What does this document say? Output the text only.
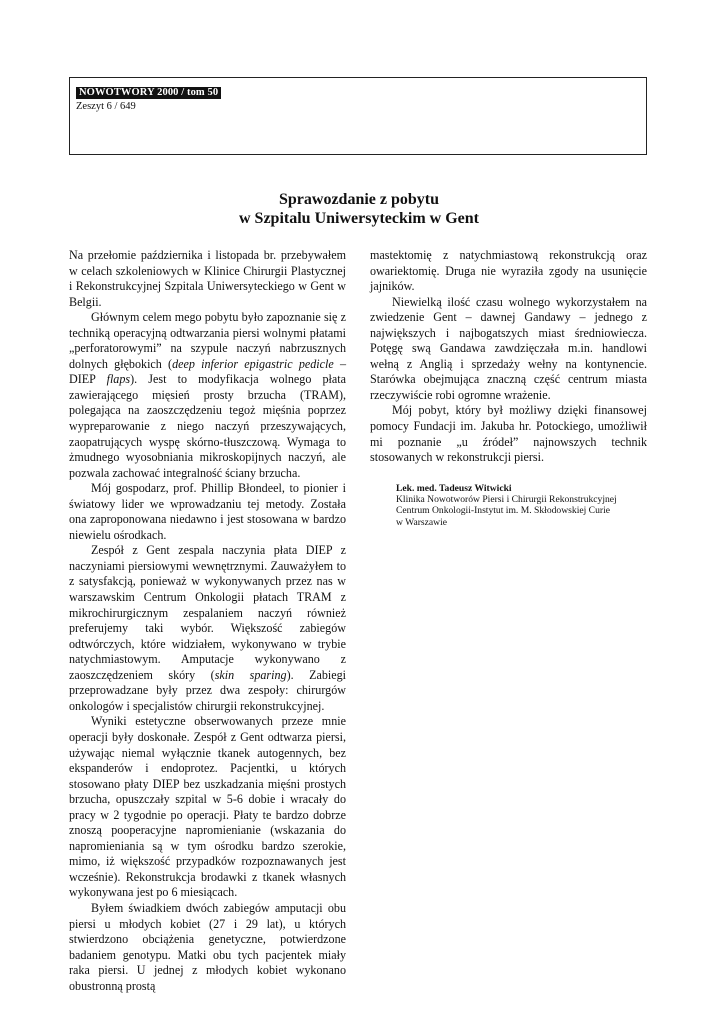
NOWOTWORY 2000 / tom 50
Zeszyt 6 / 649
Sprawozdanie z pobytu
w Szpitalu Uniwersyteckim w Gent

Na przełomie października i listopada br. przebywałem w celach szkoleniowych w Klinice Chirurgii Plastycznej i Rekonstrukcyjnej Szpitala Uniwersyteckiego w Gent w Belgii.

Głównym celem mego pobytu było zapoznanie się z techniką operacyjną odtwarzania piersi wolnymi płatami „perforatorowymi” na szypule naczyń nabrzusznych dolnych głębokich (deep inferior epigastric pedicle – DIEP flaps). Jest to modyfikacja wolnego płata zawierającego mięsień prosty brzucha (TRAM), polegająca na zaoszczędzeniu tegoż mięśnia poprzez wypreparowanie z niego naczyń przeszywających, zaopatrujących wyspę skórno-tłuszczową. Wymaga to żmudnego wyosobniania mikroskopijnych naczyń, ale pozwala zachować integralność ściany brzucha.

Mój gospodarz, prof. Phillip Błondeel, to pionier i światowy lider we wprowadzaniu tej metody. Została ona zaproponowana niedawno i jest stosowana w bardzo niewielu ośrodkach.

Zespół z Gent zespala naczynia płata DIEP z naczyniami piersiowymi wewnętrznymi. Zauważyłem to z satysfakcją, ponieważ w wykonywanych przez nas w warszawskim Centrum Onkologii płatach TRAM z mikrochirurgicznym zespalaniem naczyń również preferujemy taki wybór. Większość zabiegów odtwórczych, które widziałem, wykonywano w trybie natychmiastowym. Amputacje wykonywano z zaoszczędzeniem skóry (skin sparing). Zabiegi przeprowadzane były przez dwa zespoły: chirurgów onkologów i specjalistów chirurgii rekonstrukcyjnej.

Wyniki estetyczne obserwowanych przeze mnie operacji były doskonałe. Zespół z Gent odtwarza piersi, używając niemal wyłącznie tkanek autogennych, bez ekspanderów i endoprotez. Pacjentki, u których stosowano płaty DIEP bez uszkadzania mięśni prostych brzucha, opuszczały szpital w 5-6 dobie i wracały do pracy w 2 tygodnie po operacji. Płaty te bardzo dobrze znoszą pooperacyjne napromienianie (wskazania do napromieniania są w tym ośrodku bardzo szerokie, mimo, iż większość przypadków rozpoznawanych jest wcześnie). Rekonstrukcja brodawki z tkanek własnych wykonywana jest po 6 miesiącach.

Byłem świadkiem dwóch zabiegów amputacji obu piersi u młodych kobiet (27 i 29 lat), u których stwierdzono obciążenia genetyczne, potwierdzone badaniem genotypu. Matki obu tych pacjentek miały raka piersi. U jednej z młodych kobiet wykonano obustronną prostą

mastektomię z natychmiastową rekonstrukcją oraz owariektomię. Druga nie wyraziła zgody na usunięcie jajników.

Niewielką ilość czasu wolnego wykorzystałem na zwiedzenie Gent – dawnej Gandawy – jednego z największych i najbogatszych miast średniowiecza. Potęgę swą Gandawa zawdzięczała m.in. handlowi wełną z Anglią i sprzedaży wełny na kontynencie. Starówka obejmująca znaczną część centrum miasta rzeczywiście robi ogromne wrażenie.

Mój pobyt, który był możliwy dzięki finansowej pomocy Fundacji im. Jakuba hr. Potockiego, umożliwił mi poznanie „u źródeł” najnowszych technik stosowanych w rekonstrukcji piersi.

Lek. med. Tadeusz Witwicki
Klinika Nowotworów Piersi i Chirurgii Rekonstrukcyjnej
Centrum Onkologii-Instytut im. M. Skłodowskiej Curie
w Warszawie
